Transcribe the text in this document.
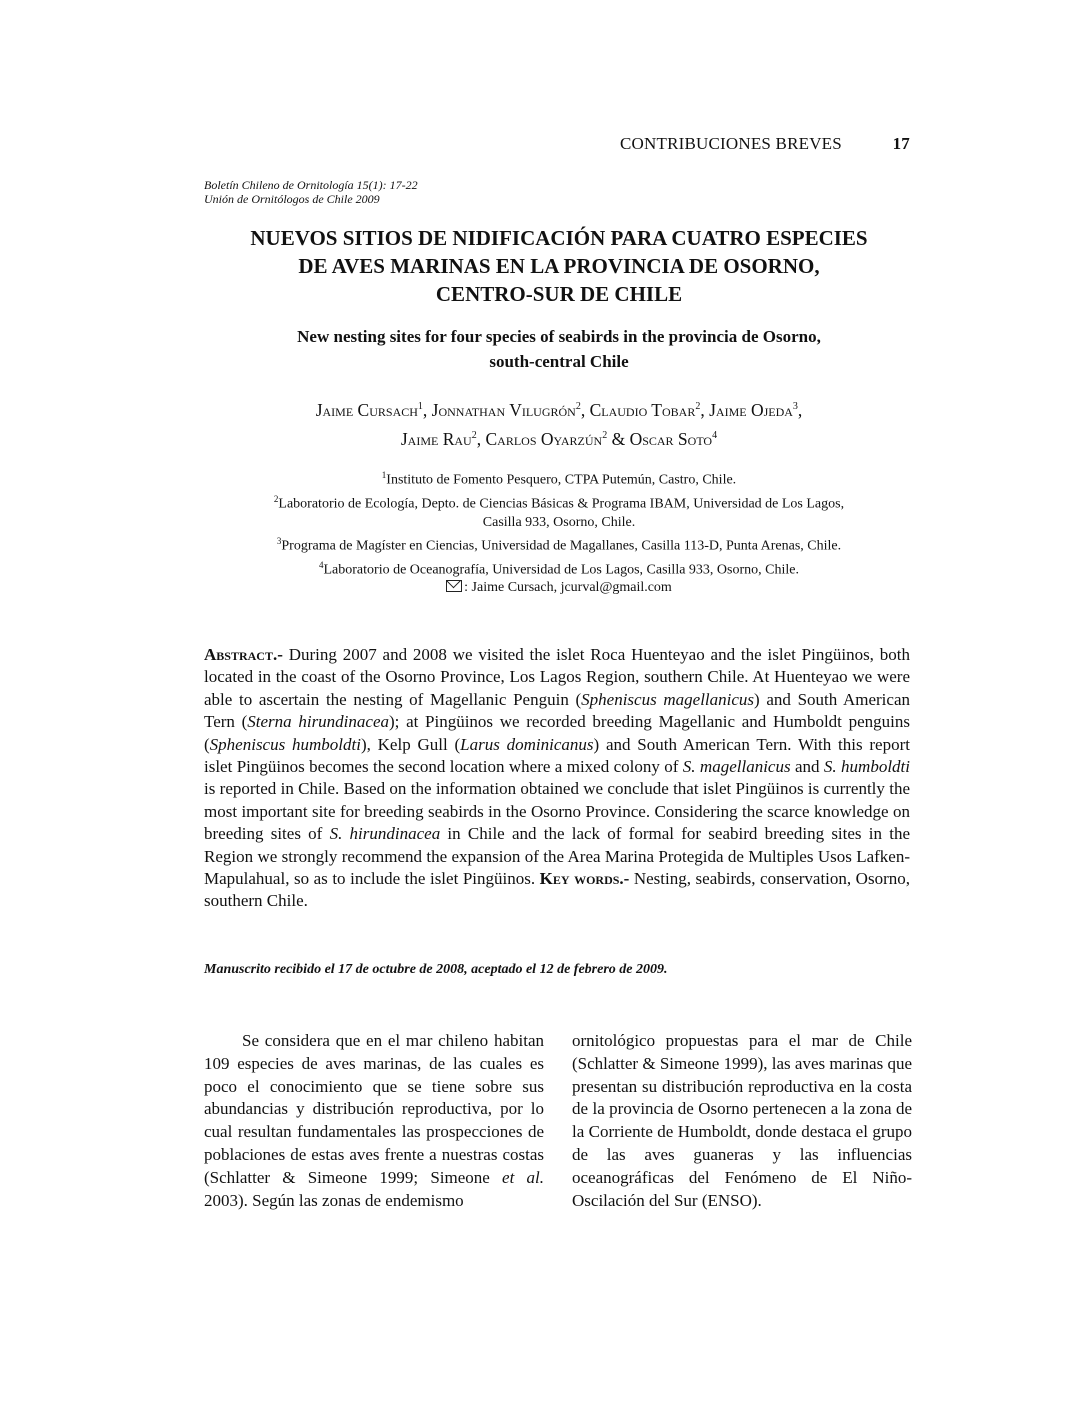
CONTRIBUCIONES BREVES	17
Boletín Chileno de Ornitología 15(1): 17-22
Unión de Ornitólogos de Chile 2009
NUEVOS SITIOS DE NIDIFICACIÓN PARA CUATRO ESPECIES
DE AVES MARINAS EN LA PROVINCIA DE OSORNO,
CENTRO-SUR DE CHILE
New nesting sites for four species of seabirds in the provincia de Osorno,
south-central Chile
Jaime Cursach$^1$, Jonnathan Vilugrón$^2$, Claudio Tobar$^2$, Jaime Ojeda$^3$,
Jaime Rau$^2$, Carlos Oyarzún$^2$ & Oscar Soto$^4$
$^1$Instituto de Fomento Pesquero, CTPA Putemún, Castro, Chile.
$^2$Laboratorio de Ecología, Depto. de Ciencias Básicas & Programa IBAM, Universidad de Los Lagos,
Casilla 933, Osorno, Chile.
$^3$Programa de Magíster en Ciencias, Universidad de Magallanes, Casilla 113-D, Punta Arenas, Chile.
$^4$Laboratorio de Oceanografía, Universidad de Los Lagos, Casilla 933, Osorno, Chile.
: Jaime Cursach, jcurval@gmail.com
Abstract.- During 2007 and 2008 we visited the islet Roca Huenteyao and the islet Pingüinos, both located in the coast of the Osorno Province, Los Lagos Region, southern Chile. At Huenteyao we were able to ascertain the nesting of Magellanic Penguin (Spheniscus magellanicus) and South American Tern (Sterna hirundinacea); at Pingüinos we recorded breeding Magellanic and Humboldt penguins (Spheniscus humboldti), Kelp Gull (Larus dominicanus) and South American Tern. With this report islet Pingüinos becomes the second location where a mixed colony of S. magellanicus and S. humboldti is reported in Chile. Based on the information obtained we conclude that islet Pingüinos is currently the most important site for breeding seabirds in the Osorno Province. Considering the scarce knowledge on breeding sites of S. hirundinacea in Chile and the lack of formal for seabird breeding sites in the Region we strongly recommend the expansion of the Area Marina Protegida de Multiples Usos Lafken-Mapulahual, so as to include the islet Pingüinos. Key words.- Nesting, seabirds, conservation, Osorno, southern Chile.
Manuscrito recibido el 17 de octubre de 2008, aceptado el 12 de febrero de 2009.
Se considera que en el mar chileno habitan 109 especies de aves marinas, de las cuales es poco el conocimiento que se tiene sobre sus abundancias y distribución reproductiva, por lo cual resultan fundamentales las prospecciones de poblaciones de estas aves frente a nuestras costas (Schlatter & Simeone 1999; Simeone et al. 2003). Según las zonas de endemismo
ornitológico propuestas para el mar de Chile (Schlatter & Simeone 1999), las aves marinas que presentan su distribución reproductiva en la costa de la provincia de Osorno pertenecen a la zona de la Corriente de Humboldt, donde destaca el grupo de las aves guaneras y las influencias oceanográficas del Fenómeno de El Niño-Oscilación del Sur (ENSO).
